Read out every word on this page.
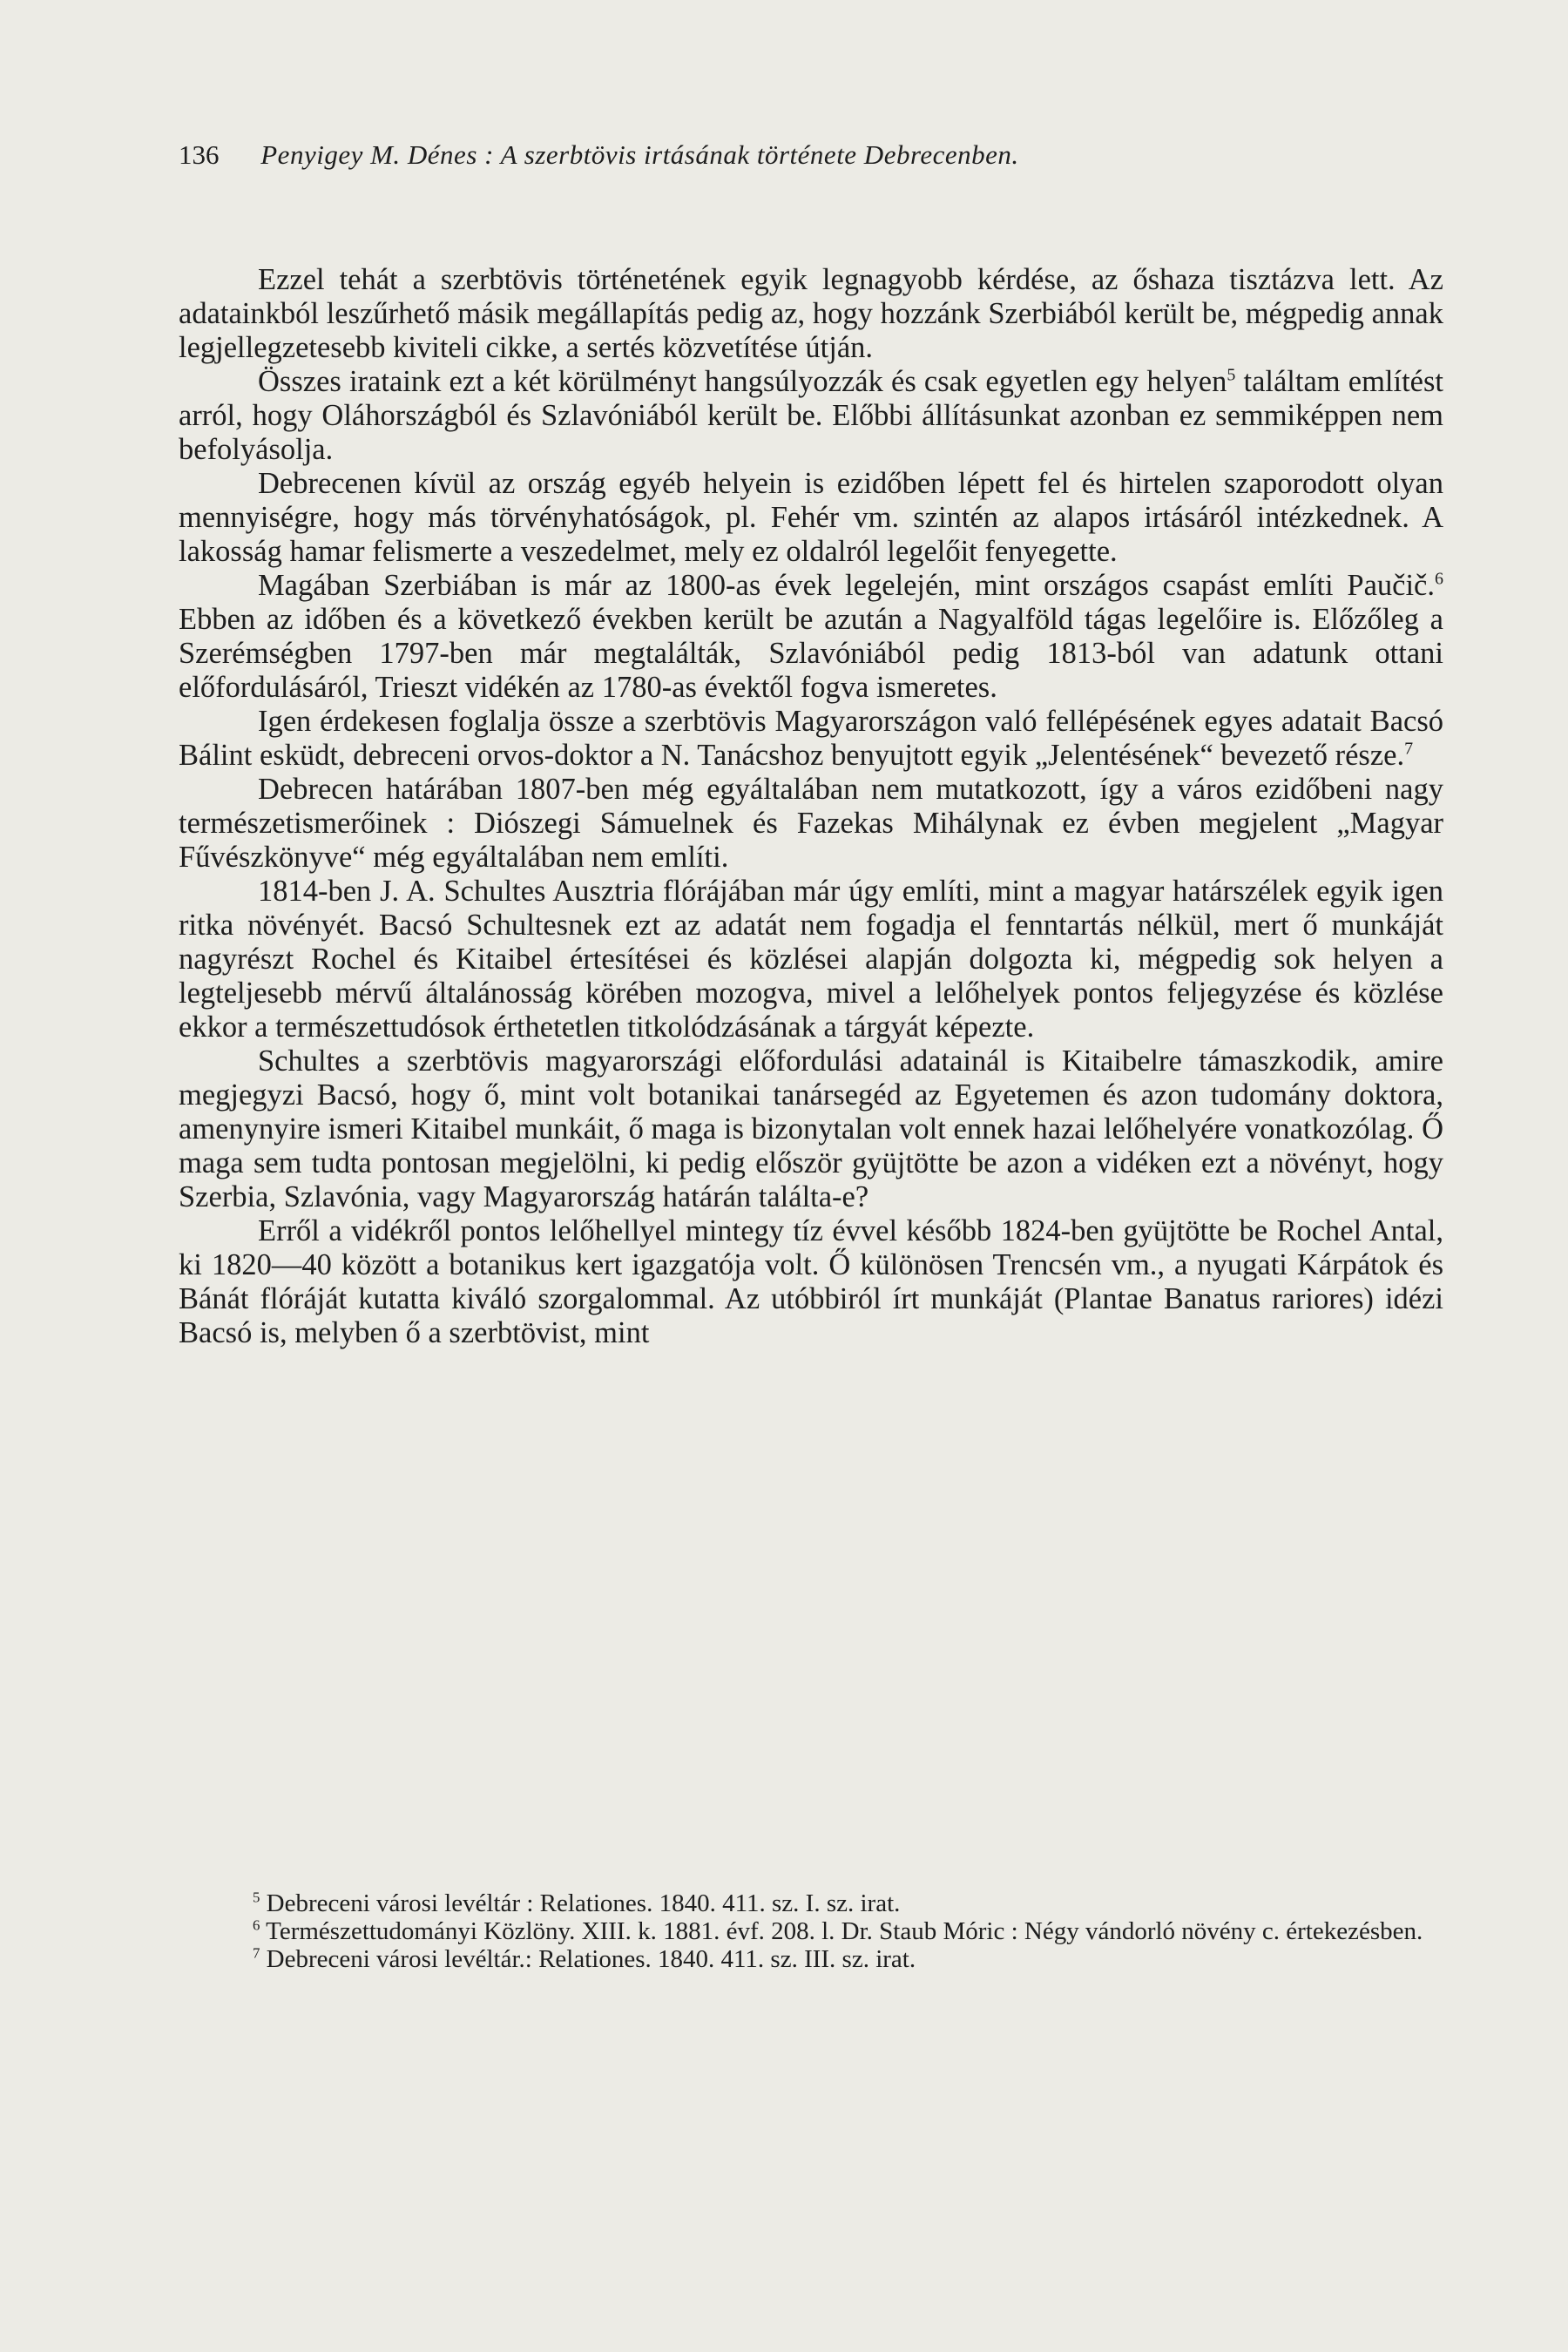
136 Penyigey M. Dénes : A szerbtövis irtásának története Debrecenben.

Ezzel tehát a szerbtövis történetének egyik legnagyobb kérdése, az őshaza tisztázva lett. Az adatainkból leszűrhető másik megállapítás pedig az, hogy hozzánk Szerbiából került be, mégpedig annak legjellegzetesebb kiviteli cikke, a sertés közvetítése útján.

Összes irataink ezt a két körülményt hangsúlyozzák és csak egyetlen egy helyen$^5$ találtam említést arról, hogy Oláhországból és Szlavóniából került be. Előbbi állításunkat azonban ez semmiképpen nem befolyásolja.

Debrecenen kívül az ország egyéb helyein is ezidőben lépett fel és hirtelen szaporodott olyan mennyiségre, hogy más törvényhatóságok, pl. Fehér vm. szintén az alapos irtásáról intézkednek. A lakosság hamar felismerte a veszedelmet, mely ez oldalról legelőit fenyegette.

Magában Szerbiában is már az 1800-as évek legelején, mint országos csapást említi Paučič.$^6$ Ebben az időben és a következő években került be azután a Nagyalföld tágas legelőire is. Előzőleg a Szerémségben 1797-ben már megtalálták, Szlavóniából pedig 1813-ból van adatunk ottani előfordulásáról, Trieszt vidékén az 1780-as évektől fogva ismeretes.

Igen érdekesen foglalja össze a szerbtövis Magyarországon való fellépésének egyes adatait Bacsó Bálint esküdt, debreceni orvos-doktor a N. Tanácshoz benyujtott egyik „Jelentésének“ bevezető része.$^7$

Debrecen határában 1807-ben még egyáltalában nem mutatkozott, így a város ezidőbeni nagy természetismerőinek : Diószegi Sámuelnek és Fazekas Mihálynak ez évben megjelent „Magyar Fűvészkönyve“ még egyáltalában nem említi.

1814-ben J. A. Schultes Ausztria flórájában már úgy említi, mint a magyar határszélek egyik igen ritka növényét. Bacsó Schultesnek ezt az adatát nem fogadja el fenntartás nélkül, mert ő munkáját nagyrészt Rochel és Kitaibel értesítései és közlései alapján dolgozta ki, mégpedig sok helyen a legteljesebb mérvű általánosság körében mozogva, mivel a lelőhelyek pontos feljegyzése és közlése ekkor a természettudósok érthetetlen titkolódzásának a tárgyát képezte.

Schultes a szerbtövis magyarországi előfordulási adatainál is Kitaibelre támaszkodik, amire megjegyzi Bacsó, hogy ő, mint volt botanikai tanársegéd az Egyetemen és azon tudomány doktora, amenynyire ismeri Kitaibel munkáit, ő maga is bizonytalan volt ennek hazai lelőhelyére vonatkozólag. Ő maga sem tudta pontosan megjelölni, ki pedig először gyüjtötte be azon a vidéken ezt a növényt, hogy Szerbia, Szlavónia, vagy Magyarország határán találta-e?

Erről a vidékről pontos lelőhellyel mintegy tíz évvel később 1824-ben gyüjtötte be Rochel Antal, ki 1820—40 között a botanikus kert igazgatója volt. Ő különösen Trencsén vm., a nyugati Kárpátok és Bánát flóráját kutatta kiváló szorgalommal. Az utóbbiról írt munkáját (Plantae Banatus rariores) idézi Bacsó is, melyben ő a szerbtövist, mint

$^5$ Debreceni városi levéltár : Relationes. 1840. 411. sz. I. sz. irat.

$^6$ Természettudományi Közlöny. XIII. k. 1881. évf. 208. l. Dr. Staub Móric : Négy vándorló növény c. értekezésben.

$^7$ Debreceni városi levéltár.: Relationes. 1840. 411. sz. III. sz. irat.
